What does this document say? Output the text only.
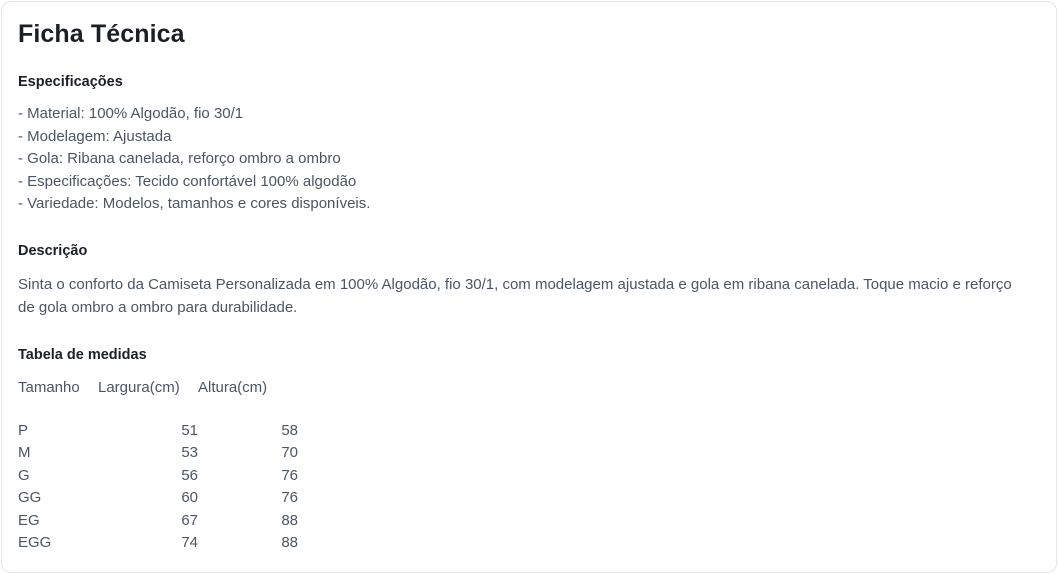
Ficha Técnica
Especificações
- Material: 100% Algodão, fio 30/1
- Modelagem: Ajustada
- Gola: Ribana canelada, reforço ombro a ombro
- Especificações: Tecido confortável 100% algodão
- Variedade: Modelos, tamanhos e cores disponíveis.
Descrição

Sinta o conforto da Camiseta Personalizada em 100% Algodão, fio 30/1, com modelagem ajustada e gola em ribana canelada. Toque macio e reforço de gola ombro a ombro para durabilidade.

Tabela de medidas
Tamanho	Largura(cm)	Altura(cm)

P	51	58
M	53	70
G	56	76
GG	60	76
EG	67	88
EGG	74	88
